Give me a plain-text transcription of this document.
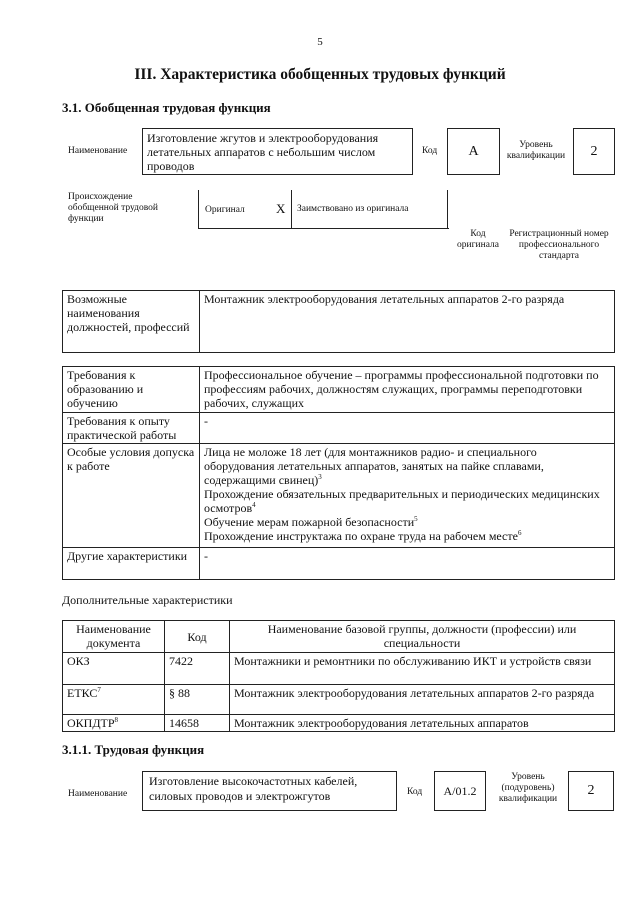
5
III. Характеристика обобщенных трудовых функций
3.1. Обобщенная трудовая функция
Наименование
Изготовление жгутов и электрооборудования летательных аппаратов с небольшим числом проводов
Код	A	Уровень квалификации	2
Происхождение обобщенной трудовой функции
Оригинал X Заимствовано из оригинала
Код оригинала
Регистрационный номер профессионального стандарта
Возможные наименования должностей, профессий	Монтажник электрооборудования летательных аппаратов 2-го разряда
Требования к образованию и обучению	Профессиональное обучение – программы профессиональной подготовки по профессиям рабочих, должностям служащих, программы переподготовки рабочих, служащих
Требования к опыту практической работы	-
Особые условия допуска к работе	Лица не моложе 18 лет (для монтажников радио- и специального оборудования летательных аппаратов, занятых на пайке сплавами, содержащими свинец)$^3$
Прохождение обязательных предварительных и периодических медицинских осмотров$^4$
Обучение мерам пожарной безопасности$^5$
Прохождение инструктажа по охране труда на рабочем месте$^6$

Другие характеристики	-
Дополнительные характеристики
Наименование документа	Код	Наименование базовой группы, должности (профессии) или специальности
ОКЗ	7422	Монтажники и ремонтники по обслуживанию ИКТ и устройств связи
ЕТКС$^7$	§ 88	Монтажник электрооборудования летательных аппаратов 2-го разряда
ОКПДТР$^8$	14658	Монтажник электрооборудования летательных аппаратов
3.1.1. Трудовая функция
Наименование
Изготовление высокочастотных кабелей, силовых проводов и электрожгутов	Код	A/01.2
Уровень (подуровень) квалификации
2
